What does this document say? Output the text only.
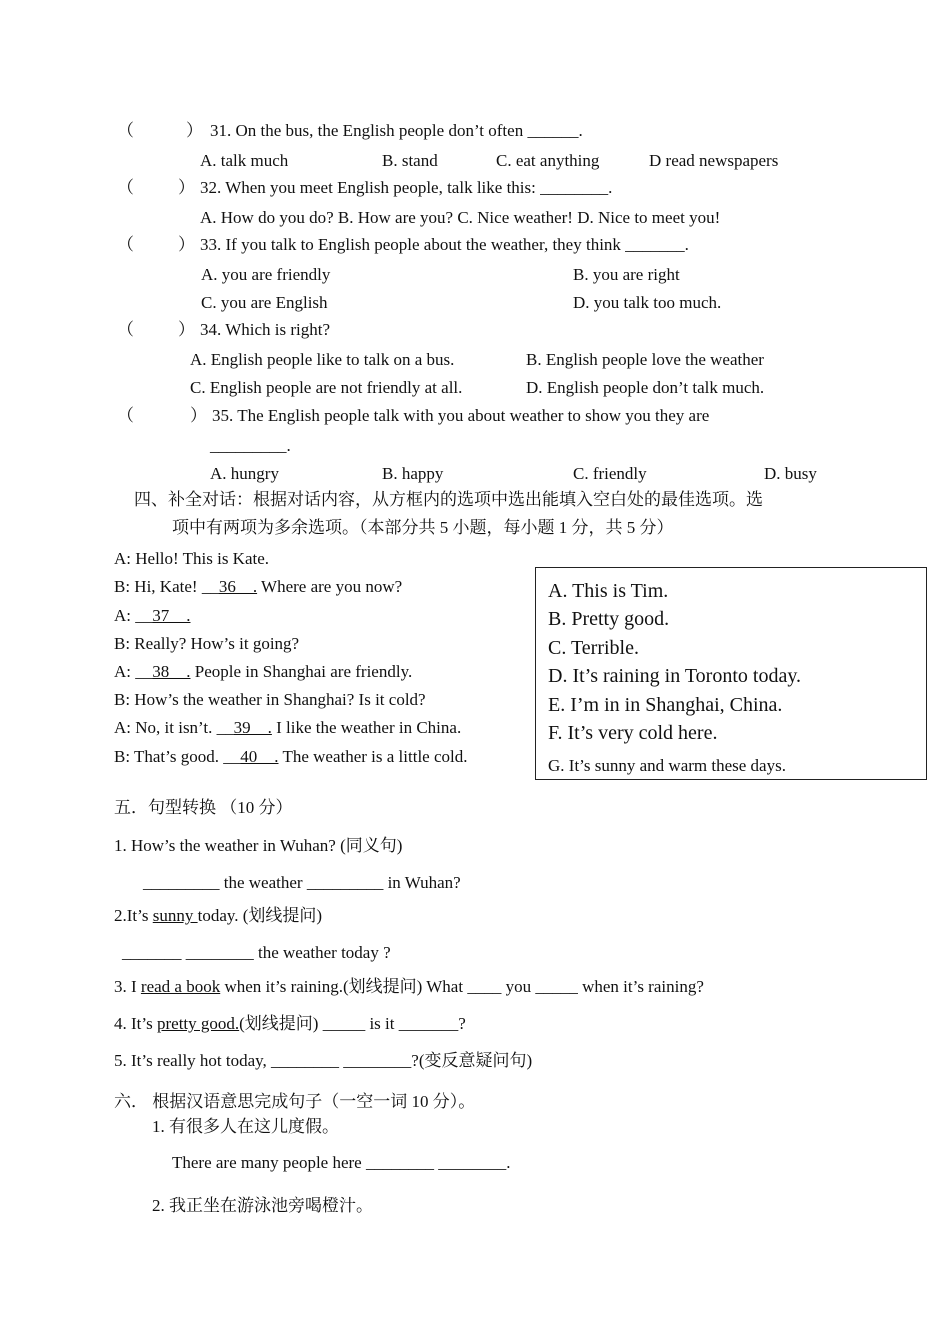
（	） 31. On the bus, the English people don’t often ______.
A. talk much	B. stand	C. eat anything	D read newspapers
（	） 32. When you meet English people, talk like this: ________.
A. How do you do? B. How are you? C. Nice weather! D. Nice to meet you!
（	） 33. If you talk to English people about the weather, they think _______.
A. you are friendly	B. you are right
C. you are English	D. you talk too much.
（	） 34. Which is right?
A. English people like to talk on a bus.	B. English people love the weather
C. English people are not friendly at all.	D. English people don’t talk much.
（	） 35. The English people talk with you about weather to show you they are
_________.
A. hungry	B. happy	C. friendly	D. busy
四、补全对话：根据对话内容，从方框内的选项中选出能填入空白处的最佳选项。选
项中有两项为多余选项。（本部分共 5 小题，每小题 1 分，共 5 分）
A: Hello! This is Kate.
B: Hi, Kate! __36__. Where are you now?
A: __37__.
B: Really? How’s it going?
A: __38__. People in Shanghai are friendly.
B: How’s the weather in Shanghai? Is it cold?
A: No, it isn’t. __39__. I like the weather in China.
B: That’s good. __40__. The weather is a little cold.
A. This is Tim.
B. Pretty good.
C. Terrible.
D. It’s raining in Toronto today.
E. I’m in in Shanghai, China.
F. It’s very cold here.
G. It’s sunny and warm these days.
五．句型转换 （10 分）
1. How’s the weather in Wuhan? (同义句)
_________ the weather _________ in Wuhan?
2.It’s sunny today. (划线提问)
_______ ________ the weather today ?
3. I read a book when it’s raining.(划线提问) What ____ you _____ when it’s raining?
4. It’s pretty good.(划线提问) _____ is it _______?
5. It’s really hot today, ________ ________?(变反意疑问句)
六． 根据汉语意思完成句子（一空一词 10 分）。
1. 有很多人在这儿度假。
There are many people here ________ ________.
2. 我正坐在游泳池旁喝橙汁。
